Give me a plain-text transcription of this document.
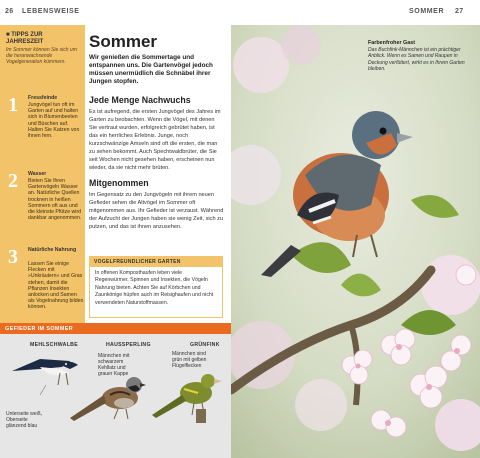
26 LEBENSWEISE	SOMMER 27
■ TIPPS ZUR JAHRESZEIT
Im Sommer können Sie sich um die heranwachsende Vogelgeneration kümmern.
1 Fressfeinde
Jungvögel tun oft im Garten auf und halten sich in Blumenbeeten und Büschen auf. Halten Sie Katzen von ihnen fern.
2 Wasser
Bieten Sie Ihren Gartenvögeln Wasser an. Natürliche Quellen trocknen in heißen Sommern oft aus und die kleinste Pfütze wird dankbar angenommen.
3 Natürliche Nahrung
Lassen Sie einige Flecken mit »Unkräutern« und Gras stehen, damit die Pflanzen Insekten anlocken und Samen als Vogelnahrung bilden können.
Sommer
Wir genießen die Sommertage und entspannen uns. Die Gartenvögel jedoch müssen unermüdlich die Schnäbel ihrer Jungen stopfen.
Jede Menge Nachwuchs
Es ist aufregend, die ersten Jungvögel des Jahres im Garten zu beobachten. Wenn die Vögel, mit denen Sie vertraut wurden, erfolgreich gebrütet haben, ist das ein herrliches Erlebnis. Junge, noch kurzschwänzige Amseln sind oft die ersten, die man zu sehen bekommt. Auch Spechtwaldbrüter, die Sie seit Wochen nicht gesehen haben, erscheinen nun wieder, da sie nicht mehr brüten.
Mitgenommen
Im Gegensatz zu den Jungvögeln mit ihrem neuen Gefieder sehen die Altvögel im Sommer oft mitgenommen aus. Ihr Gefieder ist verzaust. Während der Aufzucht der Jungen haben sie wenig Zeit, sich zu putzen, und das ist ihnen anzusehen.
VOGELFREUNDLICHER GARTEN
In offenen Komposthaufen leben viele Regenwürmer, Spinnen und Insekten, die Vögeln Nahrung bieten. Achten Sie auf Körbchen und Zaunkönige hüpfen auch im Reisighaufen und nicht verwendeten Naturstoffmassen.
GEFIEDER IM SOMMER
MEHLSCHWALBE	HAUSSPERLING	GRÜNFINK
Unterseite weiß, Oberseite glänzend blau
Männchen mit schwarzem Kehllatz und grauer Kappe
Männchen sind grün mit gelben Flügelflecken
Farbenfroher Gast
Das Buchfink-Männchen ist ein prächtiger Anblick. Wenn es Samen und Raupen in Deckung verfüttert, wirkt es in Ihrem Garten bleiben.
